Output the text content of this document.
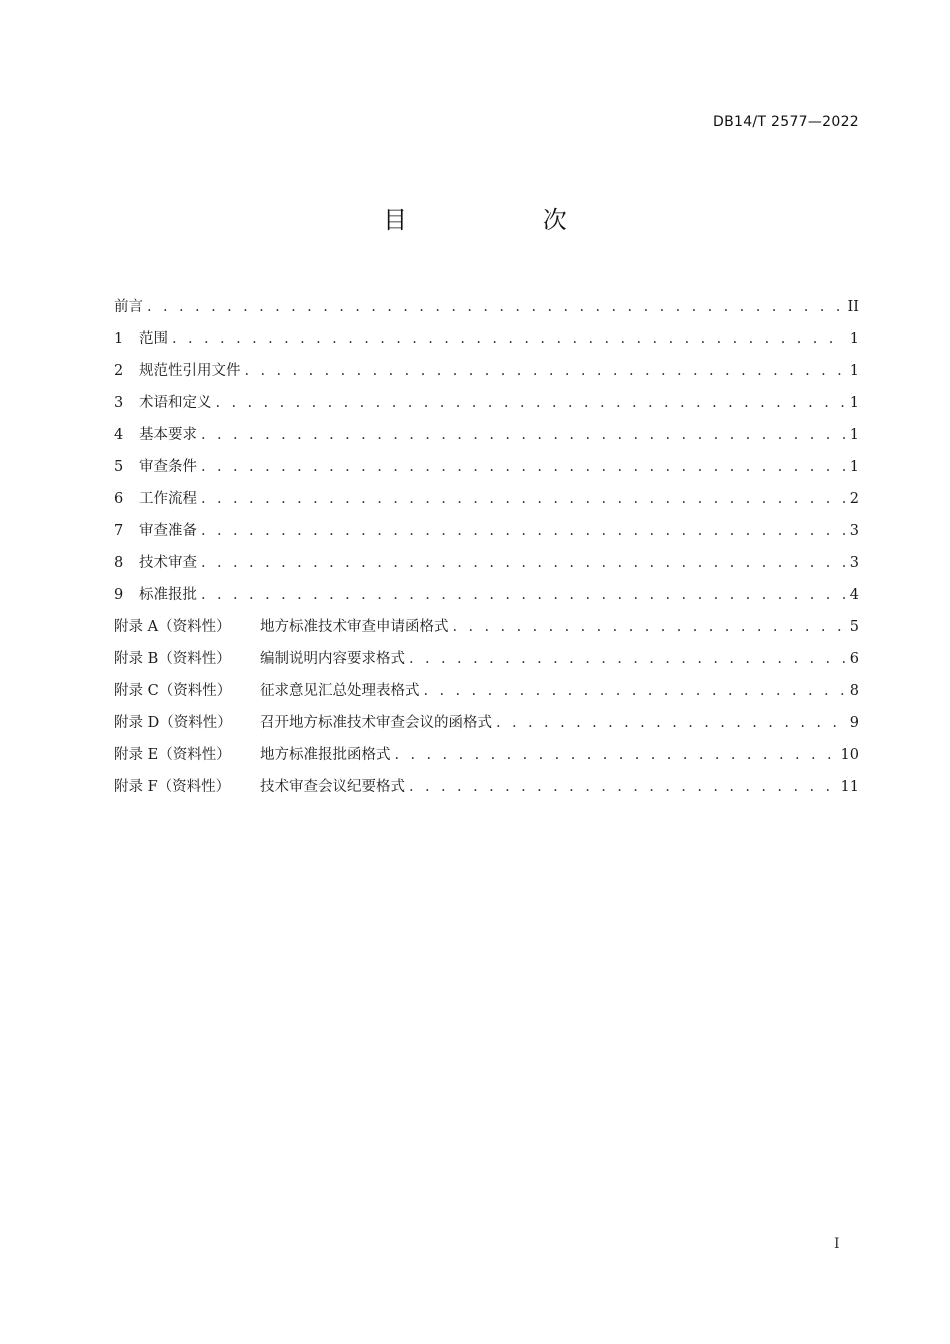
DB14/T 2577—2022
目 次
前言 . . .	II
1	范围 . . .	1
2	规范性引用文件 . . .	1
3	术语和定义 . . .	1
4	基本要求 . . .	1
5	审查条件 . . .	1
6	工作流程 . . .	2
7	审查准备 . . .	3
8	技术审查 . . .	3
9	标准报批 . . .	4
附录 A（资料性）	地方标准技术审查申请函格式 . . .	5
附录 B（资料性）	编制说明内容要求格式 . . .	6
附录 C（资料性）	征求意见汇总处理表格式 . . .	8
附录 D（资料性）	召开地方标准技术审查会议的函格式 . . .	9
附录 E（资料性）	地方标准报批函格式 . . .	10
附录 F（资料性）	技术审查会议纪要格式 . . .	11
I
